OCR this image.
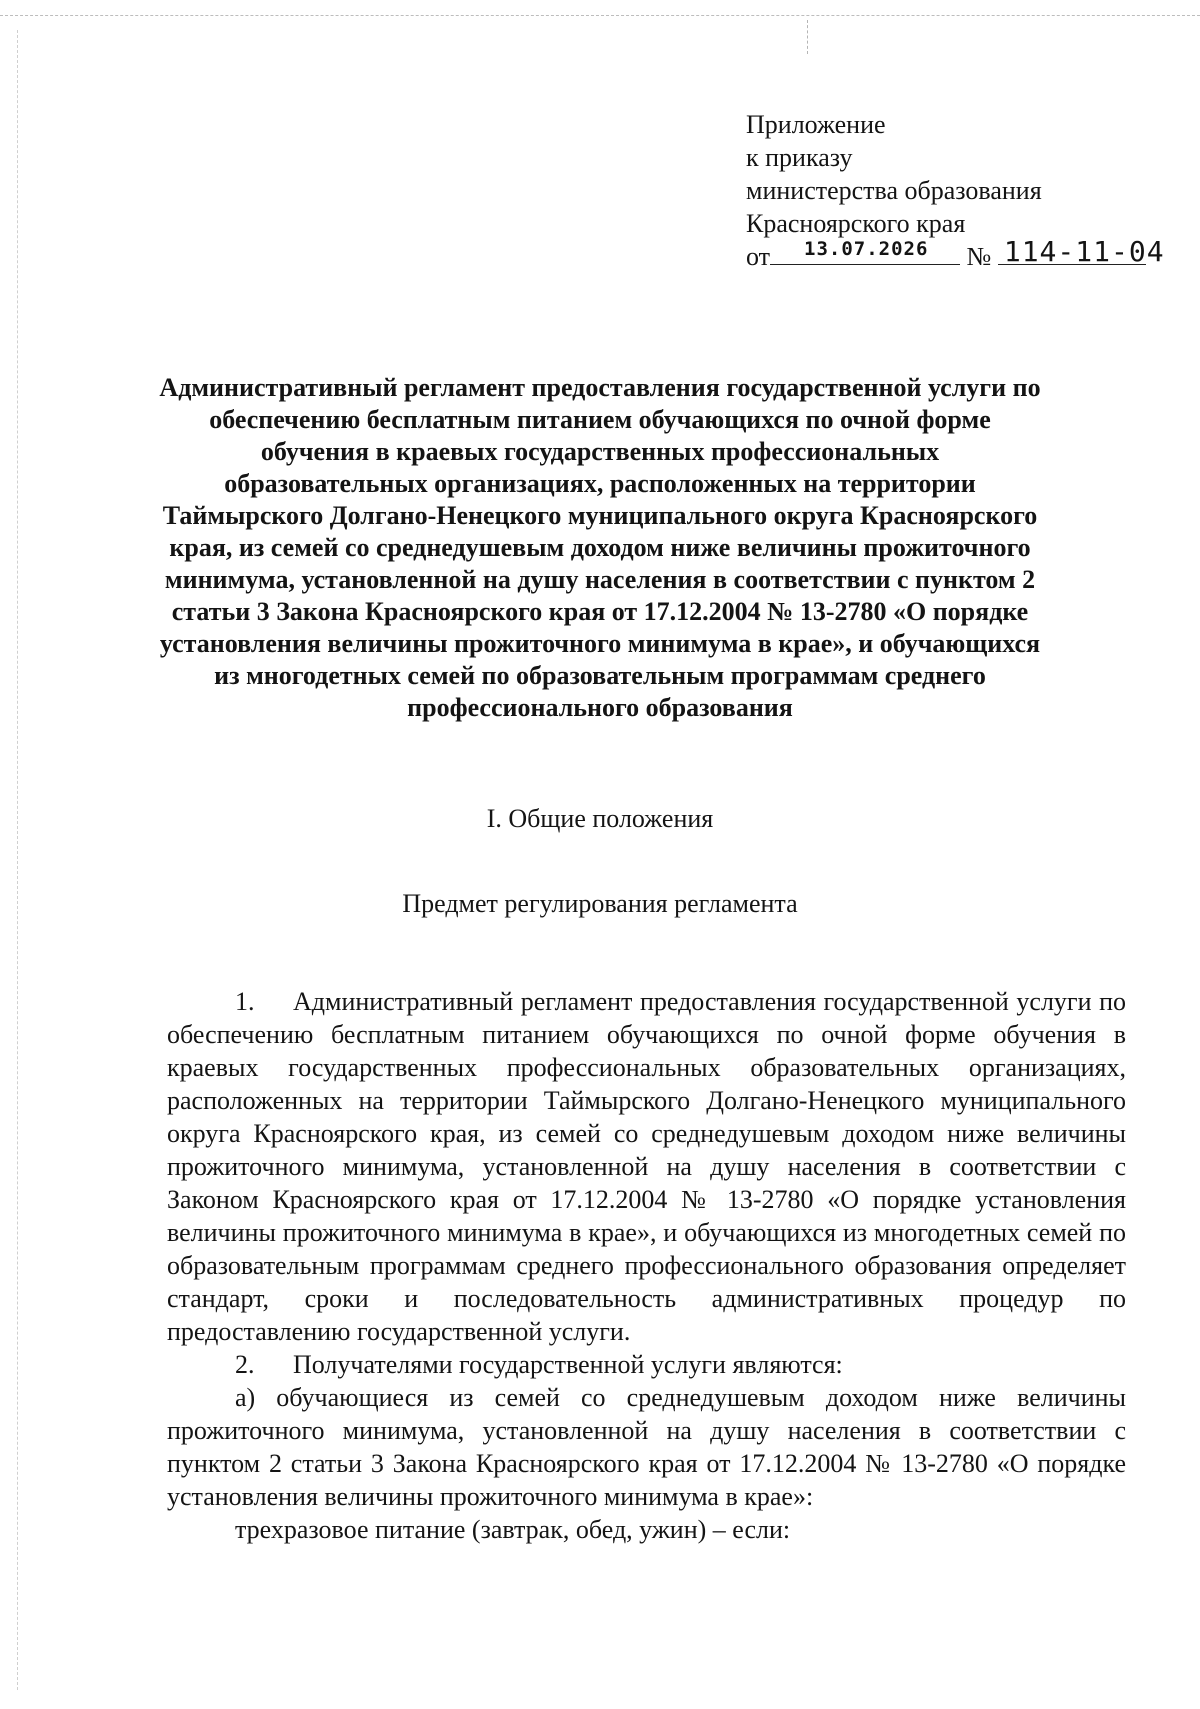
Приложение
к приказу
министерства образования
Красноярского края
от 13.07.2026 № 114-11-04
Административный регламент предоставления государственной услуги по обеспечению бесплатным питанием обучающихся по очной форме обучения в краевых государственных профессиональных образовательных организациях, расположенных на территории Таймырского Долгано-Ненецкого муниципального округа Красноярского края, из семей со среднедушевым доходом ниже величины прожиточного минимума, установленной на душу населения в соответствии с пунктом 2 статьи 3 Закона Красноярского края от 17.12.2004 № 13-2780 «О порядке установления величины прожиточного минимума в крае», и обучающихся из многодетных семей по образовательным программам среднего профессионального образования
I. Общие положения
Предмет регулирования регламента

1. Административный регламент предоставления государственной услуги по обеспечению бесплатным питанием обучающихся по очной форме обучения в краевых государственных профессиональных образовательных организациях, расположенных на территории Таймырского Долгано-Ненецкого муниципального округа Красноярского края, из семей со среднедушевым доходом ниже величины прожиточного минимума, установленной на душу населения в соответствии с Законом Красноярского края от 17.12.2004 № 13-2780 «О порядке установления величины прожиточного минимума в крае», и обучающихся из многодетных семей по образовательным программам среднего профессионального образования определяет стандарт, сроки и последовательность административных процедур по предоставлению государственной услуги.

2. Получателями государственной услуги являются:

а) обучающиеся из семей со среднедушевым доходом ниже величины прожиточного минимума, установленной на душу населения в соответствии с пунктом 2 статьи 3 Закона Красноярского края от 17.12.2004 № 13-2780 «О порядке установления величины прожиточного минимума в крае»:

трехразовое питание (завтрак, обед, ужин) – если:
